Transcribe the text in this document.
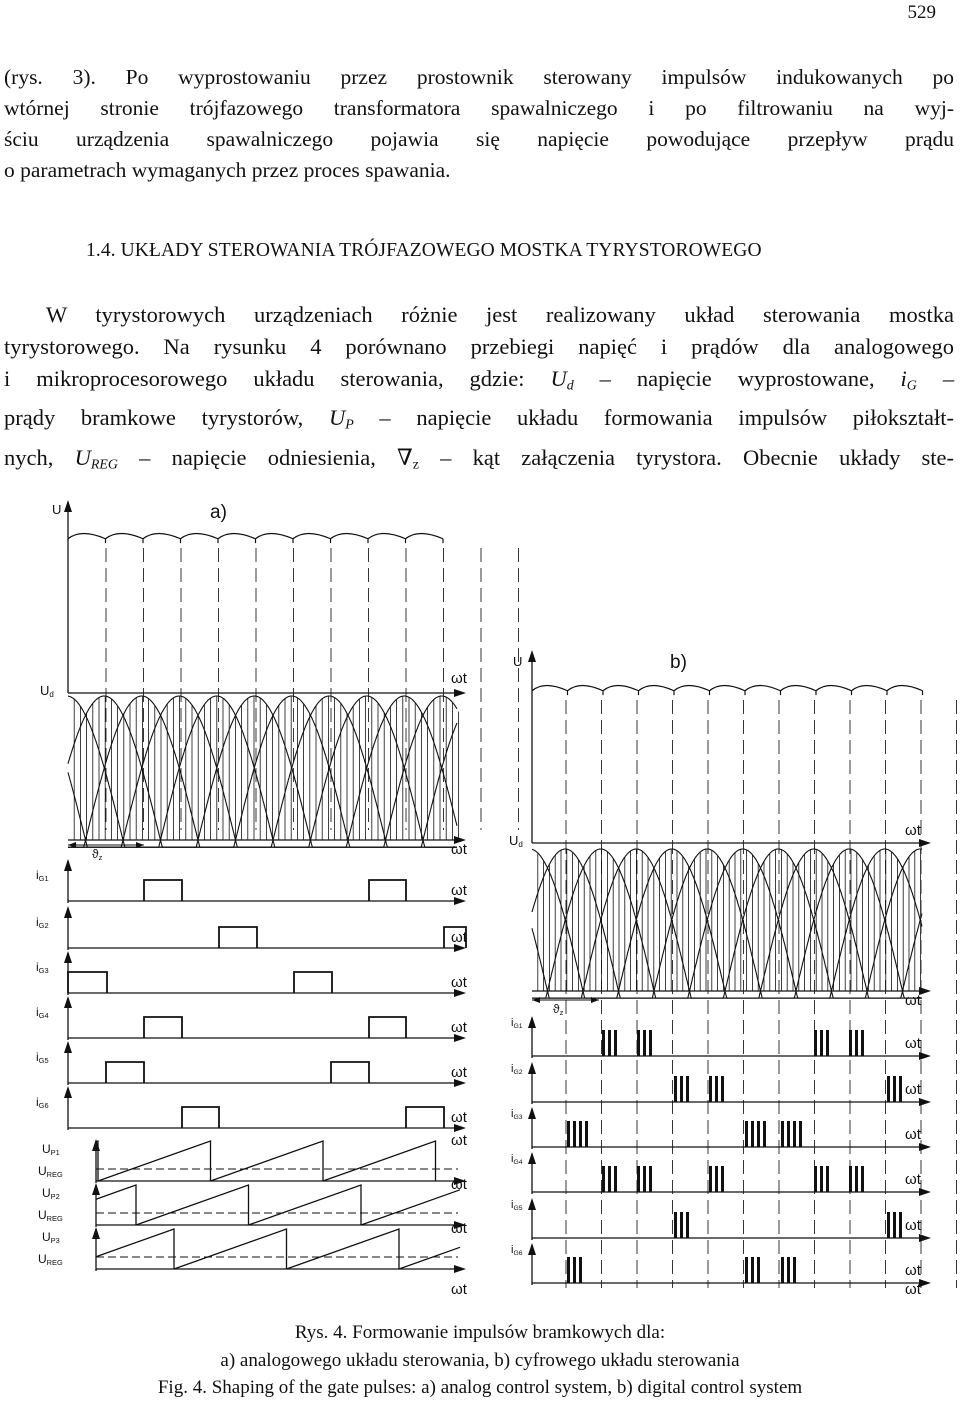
529
(rys. 3). Po wyprostowaniu przez prostownik sterowany impulsów indukowanych po
wtórnej stronie trójfazowego transformatora spawalniczego i po filtrowaniu na wyj-
ściu urządzenia spawalniczego pojawia się napięcie powodujące przepływ prądu
o parametrach wymaganych przez proces spawania.
1.4. UKŁADY STEROWANIA TRÓJFAZOWEGO MOSTKA TYRYSTOROWEGO
W tyrystorowych urządzeniach różnie jest realizowany układ sterowania mostka
tyrystorowego. Na rysunku 4 porównano przebiegi napięć i prądów dla analogowego
i mikroprocesorowego układu sterowania, gdzie: $U_d$ – napięcie wyprostowane, $i_G$ –
prądy bramkowe tyrystorów, $U_P$ – napięcie układu formowania impulsów piłokształt-
nych, $U_{REG}$ – napięcie odniesienia, $\nabla_z$ – kąt załączenia tyrystora. Obecnie układy ste-
U	a)
Ud
ωt
ωt
ϑz
iG1
ωt
iG2
ωt
iG3
ωt
iG4
ωt
iG5
ωt
iG6
ωt
UP1
UREG
ωt
UP2
UREG
ωt
UP3
UREG
ωt
ωt
U	b)
Ud
ωt
ωt
ϑz
iG1
ωt
iG2
ωt
iG3
ωt
iG4
ωt
iG5
ωt
iG6
ωt
ωt

Rys. 4. Formowanie impulsów bramkowych dla:

a) analogowego układu sterowania, b) cyfrowego układu sterowania

Fig. 4. Shaping of the gate pulses: a) analog control system, b) digital control system
